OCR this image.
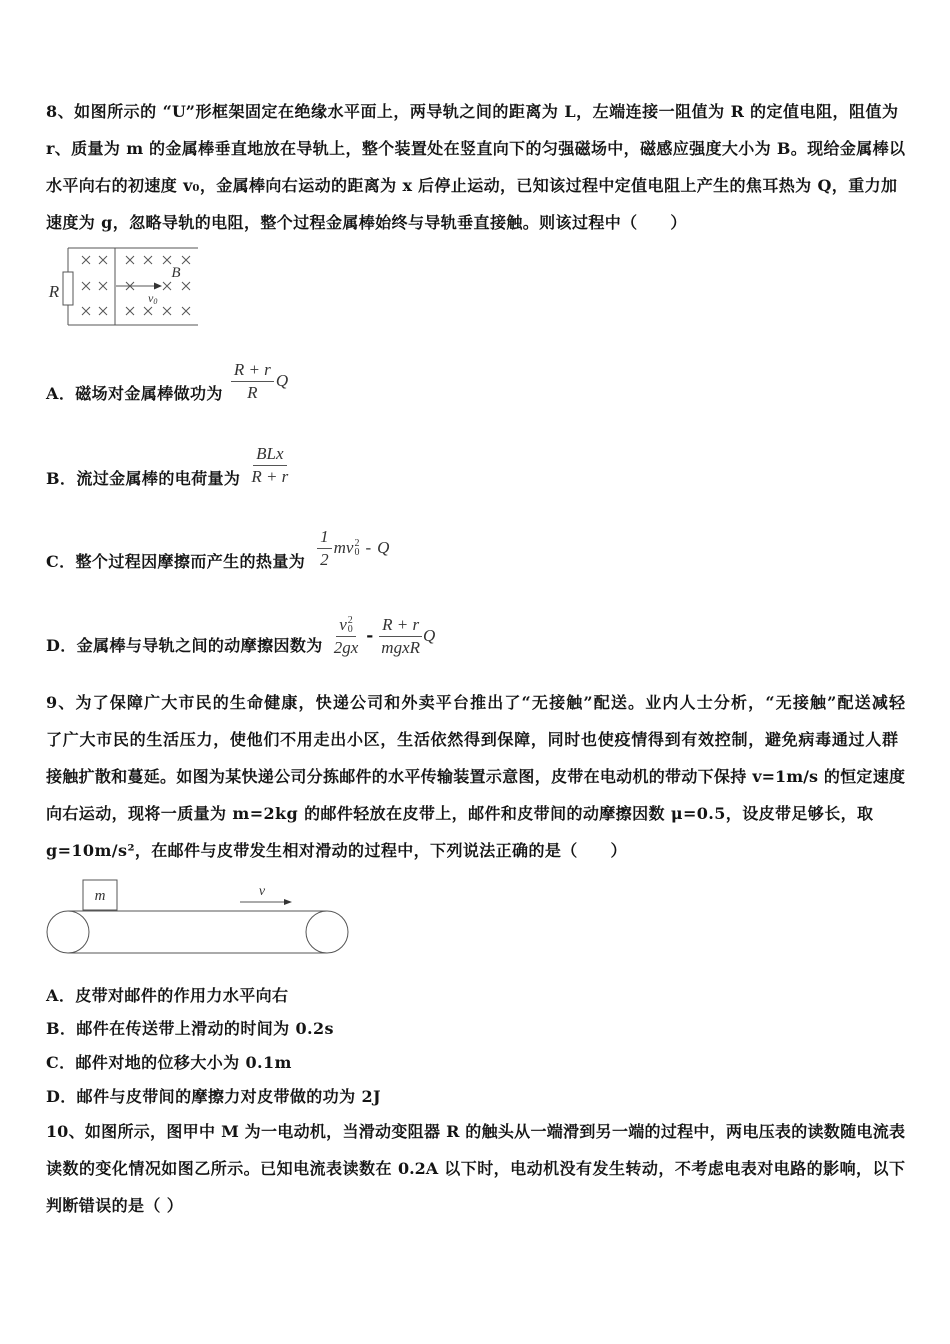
8、如图所示的 “U”形框架固定在绝缘水平面上，两导轨之间的距离为 L，左端连接一阻值为 R 的定值电阻，阻值为
r、质量为 m 的金属棒垂直地放在导轨上，整个装置处在竖直向下的匀强磁场中，磁感应强度大小为 B。现给金属棒以
水平向右的初速度 v₀，金属棒向右运动的距离为 x 后停止运动，已知该过程中定值电阻上产生的焦耳热为 Q，重力加
速度为 g，忽略导轨的电阻，整个过程金属棒始终与导轨垂直接触。则该过程中（　　）
R
B
v0
A．磁场对金属棒做功为 $\frac{R + r}{R}$ Q
B．流过金属棒的电荷量为 $\frac{\text{BLx}}{R + r}$
C．整个过程因摩擦而产生的热量为 $\frac{1}{2}$ mv 2
0 - Q
D．金属棒与导轨之间的动摩擦因数为 v 2
0
$2gx - \frac{R + r}{\text{mgxR}}$ Q
9、为了保障广大市民的生命健康，快递公司和外卖平台推出了“无接触”配送。业内人士分析，“无接触”配送减轻
了广大市民的生活压力，使他们不用走出小区，生活依然得到保障，同时也使疫情得到有效控制，避免病毒通过人群
接触扩散和蔓延。如图为某快递公司分拣邮件的水平传输装置示意图，皮带在电动机的带动下保持 v=1m/s 的恒定速度
向右运动，现将一质量为 m=2kg 的邮件轻放在皮带上，邮件和皮带间的动摩擦因数 μ=0.5，设皮带足够长，取
g=10m/s²，在邮件与皮带发生相对滑动的过程中，下列说法正确的是（　　）
m	v
A．皮带对邮件的作用力水平向右
B．邮件在传送带上滑动的时间为 0.2s
C．邮件对地的位移大小为 0.1m
D．邮件与皮带间的摩擦力对皮带做的功为 2J
10、如图所示，图甲中 M 为一电动机，当滑动变阻器 R 的触头从一端滑到另一端的过程中，两电压表的读数随电流表
读数的变化情况如图乙所示。已知电流表读数在 0.2A 以下时，电动机没有发生转动，不考虑电表对电路的影响，以下
判断错误的是（ ）
